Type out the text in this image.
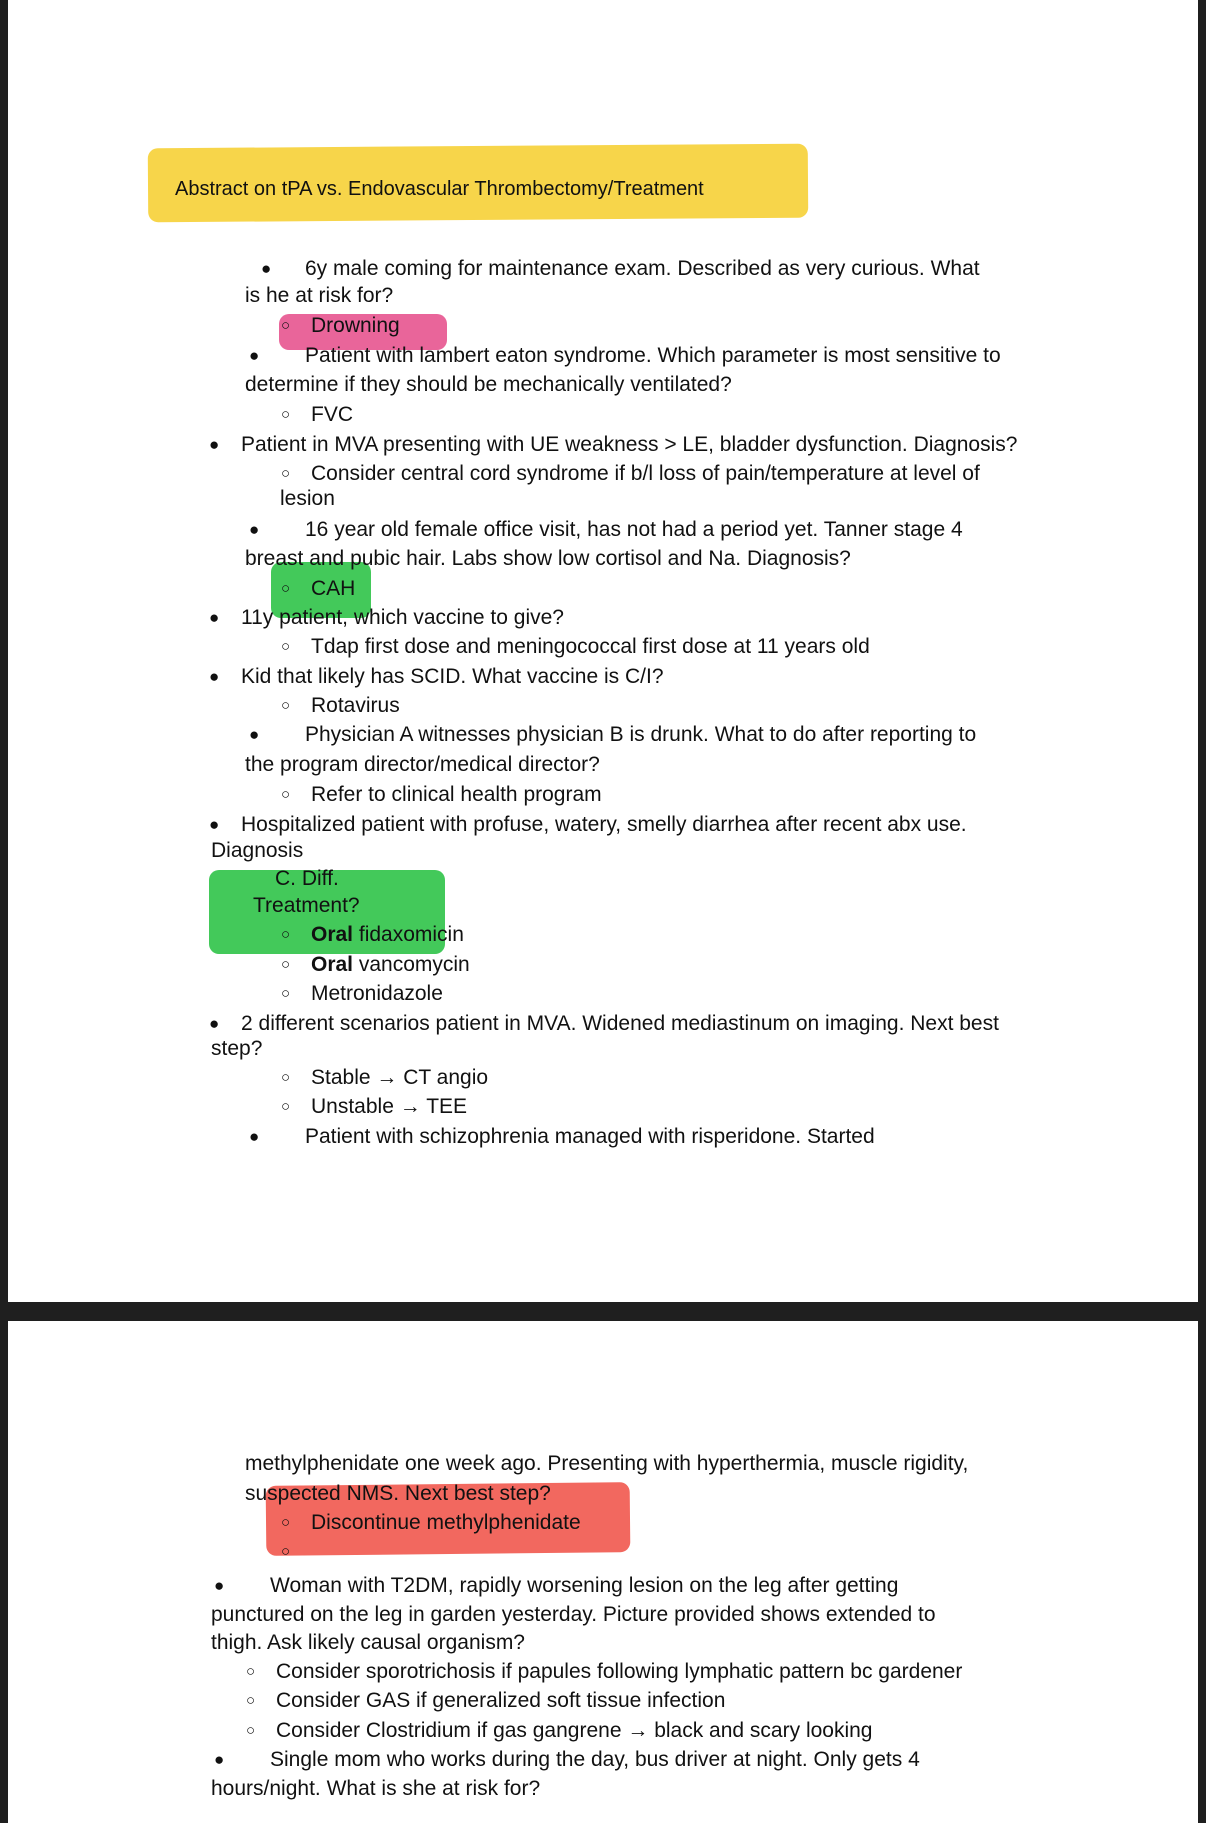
Abstract on tPA vs. Endovascular Thrombectomy/Treatment
● 6y male coming for maintenance exam. Described as very curious. What
is he at risk for?
○ Drowning
● Patient with lambert eaton syndrome. Which parameter is most sensitive to
determine if they should be mechanically ventilated?
○ FVC
● Patient in MVA presenting with UE weakness > LE, bladder dysfunction. Diagnosis?
○ Consider central cord syndrome if b/l loss of pain/temperature at level of
lesion
● 16 year old female office visit, has not had a period yet. Tanner stage 4
breast and pubic hair. Labs show low cortisol and Na. Diagnosis?
○ CAH
● 11y patient, which vaccine to give?
○ Tdap first dose and meningococcal first dose at 11 years old
● Kid that likely has SCID. What vaccine is C/I?
○ Rotavirus
● Physician A witnesses physician B is drunk. What to do after reporting to
the program director/medical director?
○ Refer to clinical health program
● Hospitalized patient with profuse, watery, smelly diarrhea after recent abx use.
Diagnosis
C. Diff.
Treatment?
○ Oral fidaxomicin
○ Oral vancomycin
○ Metronidazole
● 2 different scenarios patient in MVA. Widened mediastinum on imaging. Next best
step?
○ Stable → CT angio
○ Unstable → TEE
● Patient with schizophrenia managed with risperidone. Started
methylphenidate one week ago. Presenting with hyperthermia, muscle rigidity,
suspected NMS. Next best step?
○ Discontinue methylphenidate
○
● Woman with T2DM, rapidly worsening lesion on the leg after getting
punctured on the leg in garden yesterday. Picture provided shows extended to
thigh. Ask likely causal organism?
○ Consider sporotrichosis if papules following lymphatic pattern bc gardener
○ Consider GAS if generalized soft tissue infection
○ Consider Clostridium if gas gangrene → black and scary looking
● Single mom who works during the day, bus driver at night. Only gets 4
hours/night. What is she at risk for?
